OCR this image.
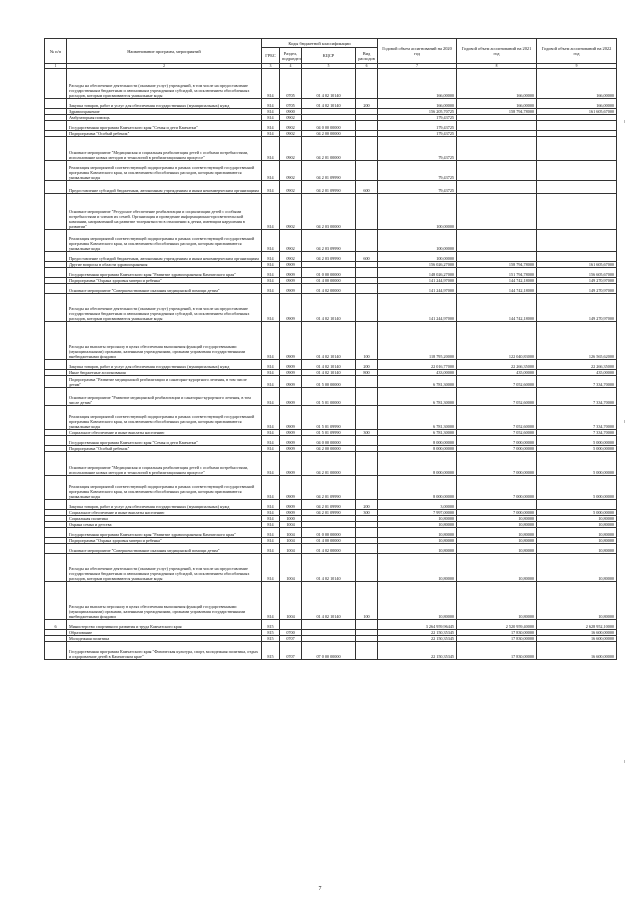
№ п/п	Наименование программ, мероприятий	Коды бюджетной классификации				Годовой объем ассигнований на 2020 год	Годовой объем ассигнований на 2021 год	Годовой объем ассигнований на 2022 год
		ГРБС	Раздел, подраздел	КЦСР	Вид расходов			
1	2	3	4	5	6	7	8	9
	Расходы на обеспечение деятельности (оказание услуг) учреждений, в том числе на предоставление государственным бюджетным и автономным учреждениям субсидий, за исключением обособленных расходов, которым присваиваются уникальные коды	814	0705	01 4 02 10140		166,00000	166,00000	166,00000
	Закупка товаров, работ и услуг для обеспечения государственных (муниципальных) нужд	814	0705	01 4 02 10140	200	166,00000	166,00000	166,00000
	Здравоохранение	814	0900			156 205,70725	158 794,78000	161 605,67000
	Амбулаторная помощь	814	0902			179,43725		
	Государственная программа Камчатского края "Семья и дети Камчатки"	814	0902	04 0 00 00000		179,43725		
	Подпрограмма "Особый ребенок"	814	0902	04 2 00 00000		179,43725		
	Основное мероприятие "Медицинская и социальная реабилитация детей с особыми потребностями, использование новых методов и технологий в реабилитационном процессе"	814	0902	04 2 01 00000		79,43725		
	Реализация мероприятий соответствующей подпрограммы в рамках соответствующей государственной программы Камчатского края, за исключением обособленных расходов, которым присваиваются уникальные коды	814	0902	04 2 01 09990		79,43725		
	Предоставление субсидий бюджетным, автономным учреждениям и иным некоммерческим организациям	814	0902	04 2 01 09990	600	79,43725		
	Основное мероприятие "Ресурсное обеспечение реабилитации и социализации детей с особыми потребностями и членов их семей. Организация и проведение информационно-просветительской кампании, направленной на развитие толерантности в отношении к детям, имеющим нарушения в развитии"	814	0902	04 2 03 00000		100,00000		
	Реализация мероприятий соответствующей подпрограммы в рамках соответствующей государственной программы Камчатского края, за исключением обособленных расходов, которым присваиваются уникальные коды	814	0902	04 2 03 09990		100,00000		
	Предоставление субсидий бюджетным, автономным учреждениям и иным некоммерческим организациям	814	0902	04 2 03 09990	600	100,00000		
	Другие вопросы в области здравоохранения	814	0909			156 026,27000	158 794,78000	161 605,67000
	Государственная программа Камчатского края "Развитие здравоохранения Камчатского края"	814	0909	01 0 00 00000		148 026,27000	151 794,78000	156 605,67000
	Подпрограмма "Охрана здоровья матери и ребенка"	814	0909	01 4 00 00000		141 244,97000	144 742,18000	149 270,97000
	Основное мероприятие "Совершенствование оказания медицинской помощи детям"	814	0909	01 4 02 00000		141 244,97000	144 742,18000	149 270,97000
	Расходы на обеспечение деятельности (оказание услуг) учреждений, в том числе на предоставление государственным бюджетным и автономным учреждениям субсидий, за исключением обособленных расходов, которым присваиваются уникальные коды	814	0909	01 4 02 10140		141 244,97000	144 742,18000	149 270,97000
	Расходы на выплаты персоналу в целях обеспечения выполнения функций государственными (муниципальными) органами, казенными учреждениями, органами управления государственными внебюджетными фондами	814	0909	01 4 02 10140	100	118 795,20000	122 040,83000	126 565,62000
	Закупка товаров, работ и услуг для обеспечения государственных (муниципальных) нужд	814	0909	01 4 02 10140	200	22 016,77000	22 266,35000	22 266,35000
	Иные бюджетные ассигнования	814	0909	01 4 02 10140	800	433,00000	435,00000	435,00000
	Подпрограмма "Развитие медицинской реабилитации и санаторно-курортного лечения, в том числе детям"	814	0909	01 5 00 00000		6 781,30000	7 052,60000	7 334,70000
	Основное мероприятие "Развитие медицинской реабилитации и санаторно-курортного лечения, в том числе детям"	814	0909	01 5 01 00000		6 781,30000	7 052,60000	7 334,70000
	Реализация мероприятий соответствующей подпрограммы в рамках соответствующей государственной программы Камчатского края, за исключением обособленных расходов, которым присваиваются уникальные коды	814	0909	01 5 01 09990		6 781,30000	7 052,60000	7 334,70000
	Социальное обеспечение и иные выплаты населению	814	0909	01 5 01 09990	300	6 781,30000	7 052,60000	7 334,70000
	Государственная программа Камчатского края "Семья и дети Камчатки"	814	0909	04 0 00 00000		8 000,00000	7 000,00000	5 000,00000
	Подпрограмма "Особый ребенок"	814	0909	04 2 00 00000		8 000,00000	7 000,00000	5 000,00000
	Основное мероприятие "Медицинская и социальная реабилитация детей с особыми потребностями, использование новых методов и технологий в реабилитационном процессе"	814	0909	04 2 01 00000		8 000,00000	7 000,00000	5 000,00000
	Реализация мероприятий соответствующей подпрограммы в рамках соответствующей государственной программы Камчатского края, за исключением обособленных расходов, которым присваиваются уникальные коды	814	0909	04 2 01 09990		8 000,00000	7 000,00000	5 000,00000
	Закупка товаров, работ и услуг для обеспечения государственных (муниципальных) нужд	814	0909	04 2 01 09990	200	3,00000		
	Социальное обеспечение и иные выплаты населению	814	0909	04 2 01 09990	300	7 997,00000	7 000,00000	5 000,00000
	Социальная политика	814	1000			10,80000	10,80000	10,80000
	Охрана семьи и детства	814	1004			10,80000	10,80000	10,80000
	Государственная программа Камчатского края "Развитие здравоохранения Камчатского края"	814	1004	01 0 00 00000		10,80000	10,80000	10,80000
	Подпрограмма "Охрана здоровья матери и ребенка"	814	1004	01 4 00 00000		10,80000	10,80000	10,80000
	Основное мероприятие "Совершенствование оказания медицинской помощи детям"	814	1004	01 4 02 00000		10,80000	10,80000	10,80000
	Расходы на обеспечение деятельности (оказание услуг) учреждений, в том числе на предоставление государственным бюджетным и автономным учреждениям субсидий, за исключением обособленных расходов, которым присваиваются уникальные коды	814	1004	01 4 02 10140		10,80000	10,80000	10,80000
	Расходы на выплаты персоналу в целях обеспечения выполнения функций государственными (муниципальными) органами, казенными учреждениями, органами управления государственными внебюджетными фондами	814	1004	01 4 02 10140	100	10,80000	10,80000	10,80000
6	Министерство спортивного развития и труда Камчатского края	815				3 264 959,96445	2 520 959,40000	2 628 952,10000
	Образование	815	0700			22 150,35345	17 830,00000	16 600,00000
	Молодежная политика	815	0707			22 150,35345	17 830,00000	16 600,00000
	Государственная программа Камчатского края "Физическая культура, спорт, молодежная политика, отдых и оздоровление детей в Камчатском крае"	815	0707	07 0 00 00000		22 150,35345	17 830,00000	16 600,00000
7
